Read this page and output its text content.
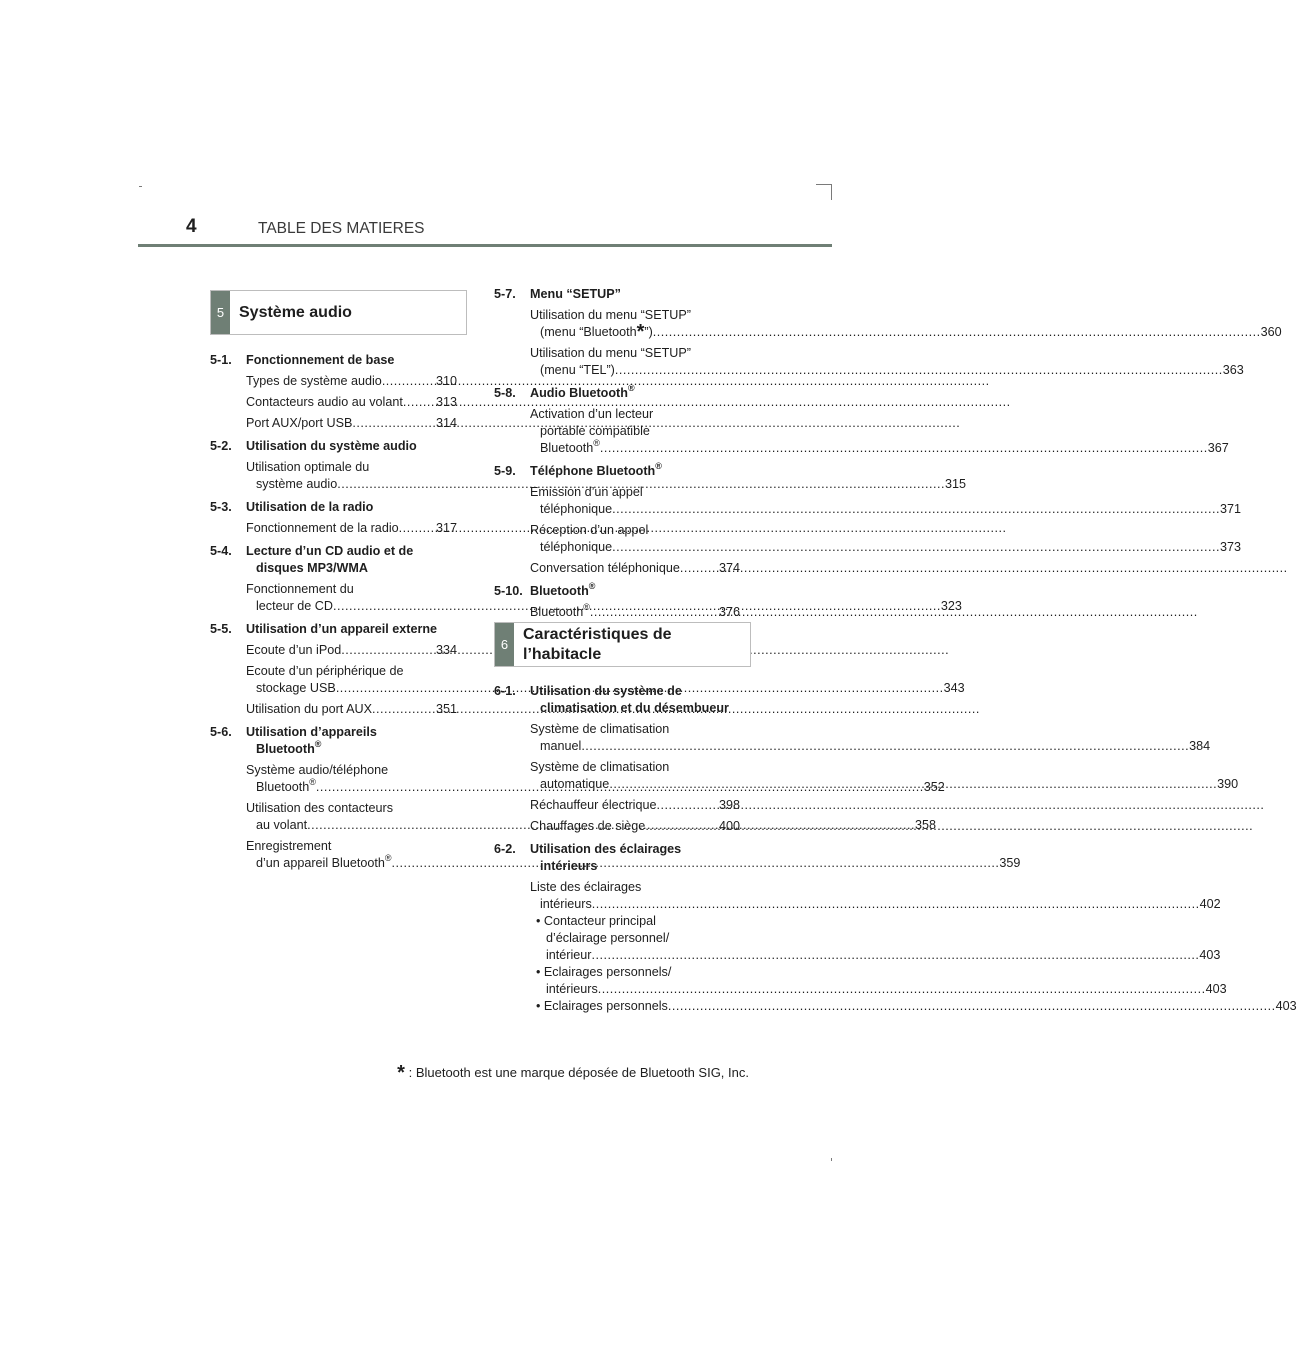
4	TABLE DES MATIERES
5 Système audio
5-1. Fonctionnement de base
Types de système audio .....	310
Contacteurs audio au volant .....	313
Port AUX/port USB .....	314
5-2. Utilisation du système audio
Utilisation optimale du
système audio .....	315
5-3. Utilisation de la radio
Fonctionnement de la radio .....	317
5-4. Lecture d’un CD audio et de
disques MP3/WMA
Fonctionnement du
lecteur de CD .....	323
5-5. Utilisation d’un appareil externe
Ecoute d’un iPod .....	334
Ecoute d’un périphérique de
stockage USB .....	343
Utilisation du port AUX .....	351
5-6. Utilisation d’appareils
Bluetooth®
Système audio/téléphone
Bluetooth® .....	352
Utilisation des contacteurs
au volant .....	358
Enregistrement
d’un appareil Bluetooth® .....	359
5-7. Menu “SETUP”
Utilisation du menu “SETUP”
(menu “Bluetooth*”) .....	360
Utilisation du menu “SETUP”
(menu “TEL”) .....	363
5-8. Audio Bluetooth®
Activation d’un lecteur
portable compatible
Bluetooth® .....	367
5-9. Téléphone Bluetooth®
Emission d’un appel
téléphonique .....	371
Réception d’un appel
téléphonique .....	373
Conversation téléphonique .....	374
5-10. Bluetooth®
Bluetooth® .....	376
6
Caractéristiques de
l’habitacle
6-1. Utilisation du système de
climatisation et du désembueur
Système de climatisation
manuel .....	384
Système de climatisation
automatique .....	390
Réchauffeur électrique .....	398
Chauffages de siège .....	400
6-2. Utilisation des éclairages
intérieurs
Liste des éclairages
intérieurs .....	402
• Contacteur principal
d’éclairage personnel/
intérieur .....	403
• Eclairages personnels/
intérieurs .....	403
• Eclairages personnels .....	403
* : Bluetooth est une marque déposée de Bluetooth SIG, Inc.
